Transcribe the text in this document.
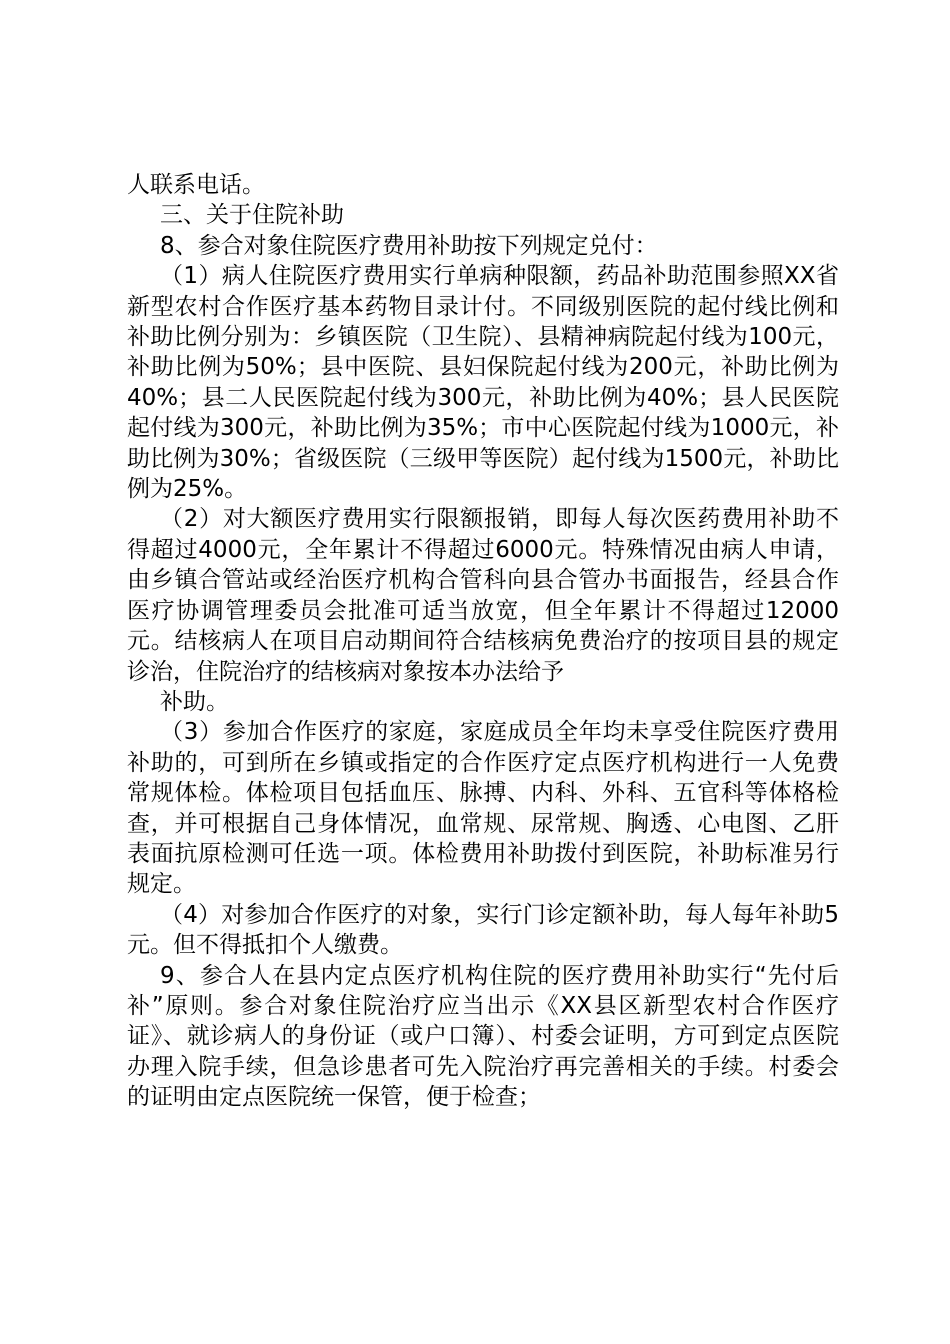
人联系电话。

三、关于住院补助

8、参合对象住院医疗费用补助按下列规定兑付：

（1）病人住院医疗费用实行单病种限额，药品补助范围参照XX省新型农村合作医疗基本药物目录计付。不同级别医院的起付线比例和补助比例分别为：乡镇医院（卫生院）、县精神病院起付线为100元，补助比例为50%；县中医院、县妇保院起付线为200元，补助比例为40%；县二人民医院起付线为300元，补助比例为40%；县人民医院起付线为300元，补助比例为35%；市中心医院起付线为1000元，补助比例为30%；省级医院（三级甲等医院）起付线为1500元，补助比例为25%。

（2）对大额医疗费用实行限额报销，即每人每次医药费用补助不得超过4000元，全年累计不得超过6000元。特殊情况由病人申请，由乡镇合管站或经治医疗机构合管科向县合管办书面报告，经县合作医疗协调管理委员会批准可适当放宽，但全年累计不得超过12000元。结核病人在项目启动期间符合结核病免费治疗的按项目县的规定诊治，住院治疗的结核病对象按本办法给予

补助。

（3）参加合作医疗的家庭，家庭成员全年均未享受住院医疗费用补助的，可到所在乡镇或指定的合作医疗定点医疗机构进行一人免费常规体检。体检项目包括血压、脉搏、内科、外科、五官科等体格检查，并可根据自己身体情况，血常规、尿常规、胸透、心电图、乙肝表面抗原检测可任选一项。体检费用补助拨付到医院，补助标准另行规定。

（4）对参加合作医疗的对象，实行门诊定额补助，每人每年补助5元。但不得抵扣个人缴费。

9、参合人在县内定点医疗机构住院的医疗费用补助实行“先付后补”原则。参合对象住院治疗应当出示《XX县区新型农村合作医疗证》、就诊病人的身份证（或户口簿）、村委会证明，方可到定点医院办理入院手续，但急诊患者可先入院治疗再完善相关的手续。村委会的证明由定点医院统一保管，便于检查；
